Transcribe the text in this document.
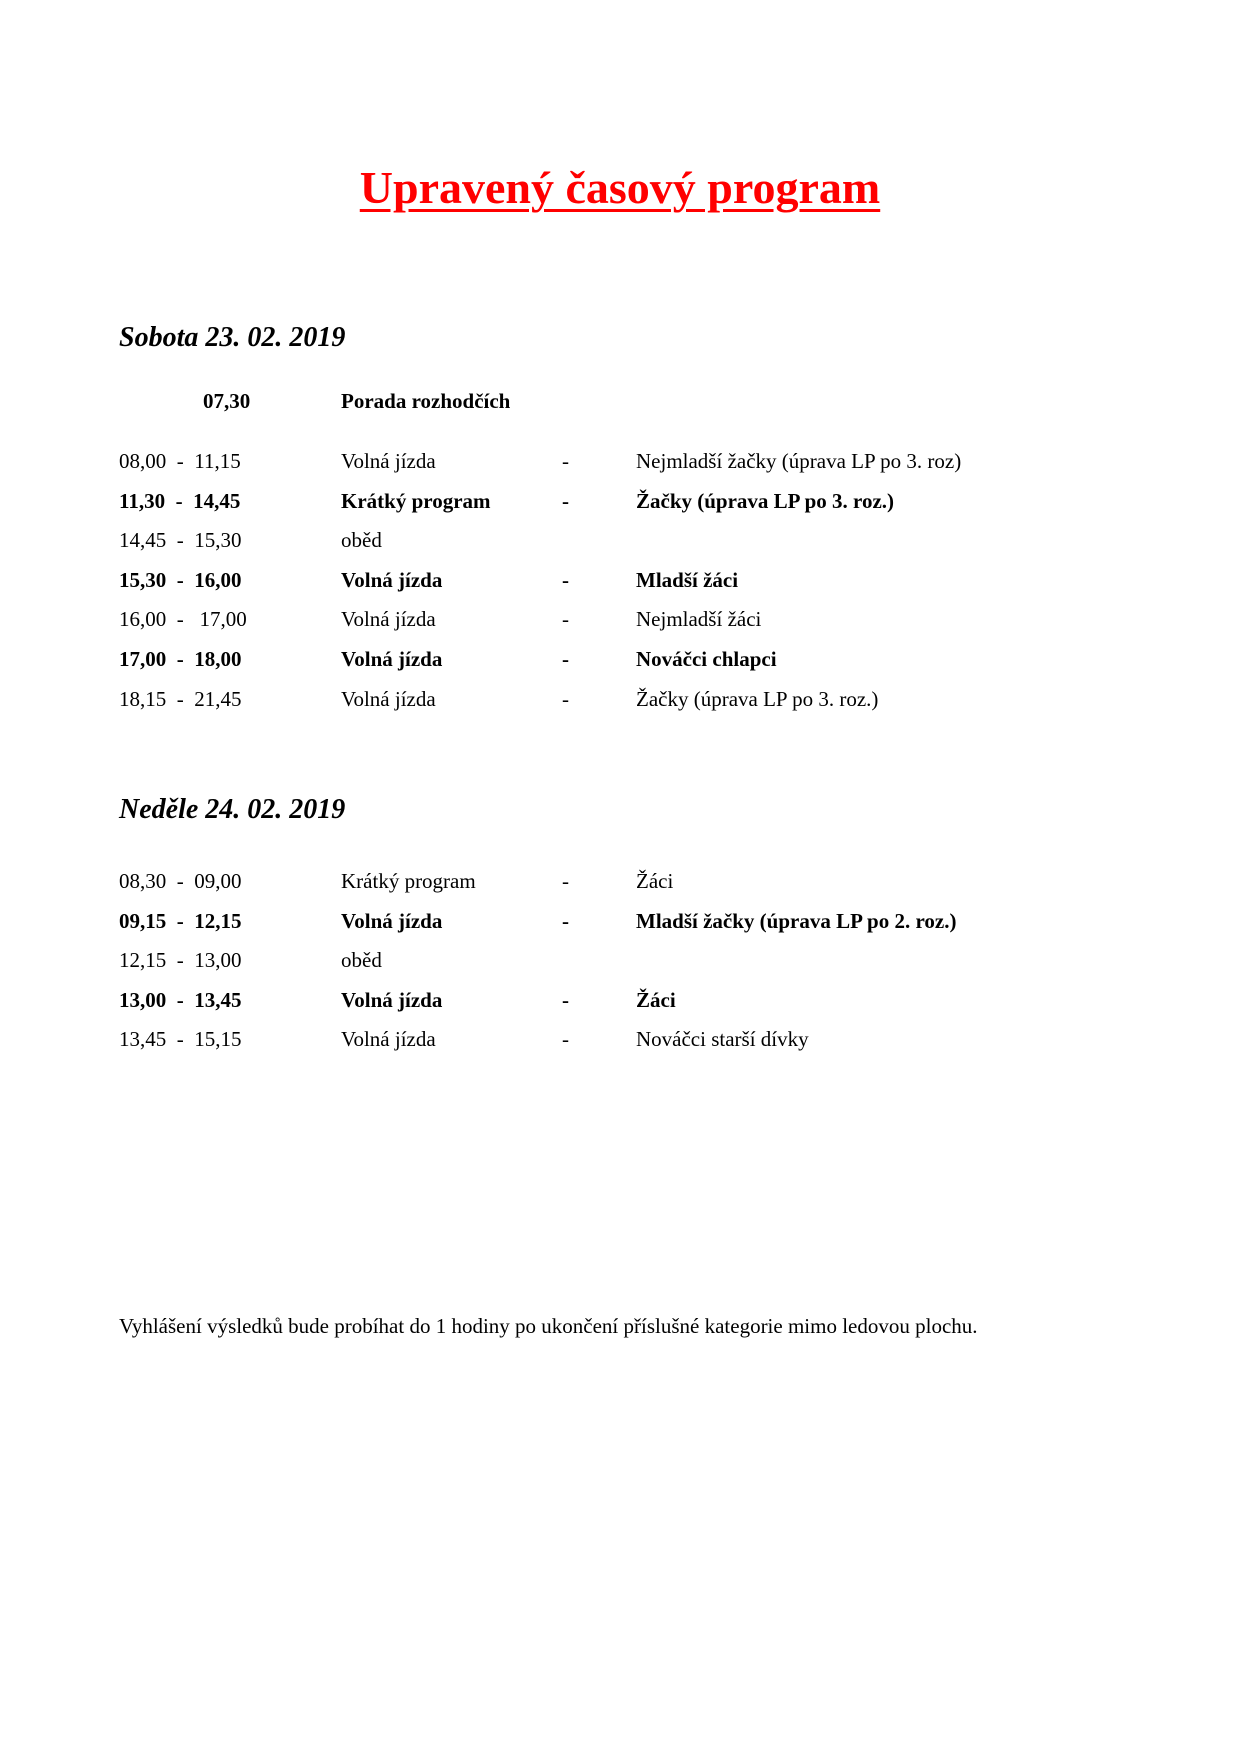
Upravený časový program
Sobota 23. 02. 2019
07,30	Porada rozhodčích
08,00  -  11,15	Volná jízda	-	Nejmladší žačky (úprava LP po 3. roz)
11,30  -  14,45	Krátký program	-	Žačky (úprava LP po 3. roz.)
14,45  -  15,30	oběd
15,30  -  16,00	Volná jízda	-	Mladší žáci
16,00  -   17,00	Volná jízda	-	Nejmladší žáci
17,00  -  18,00	Volná jízda	-	Nováčci chlapci
18,15  -  21,45	Volná jízda	-	Žačky (úprava LP po 3. roz.)
Neděle 24. 02. 2019
08,30  -  09,00	Krátký program	-	Žáci
09,15  -  12,15	Volná jízda	-	Mladší žačky (úprava LP po 2. roz.)
12,15  -  13,00	oběd
13,00  -  13,45	Volná jízda	-	Žáci
13,45  -  15,15	Volná jízda	-	Nováčci starší dívky
Vyhlášení výsledků bude probíhat do 1 hodiny po ukončení příslušné kategorie mimo ledovou plochu.
